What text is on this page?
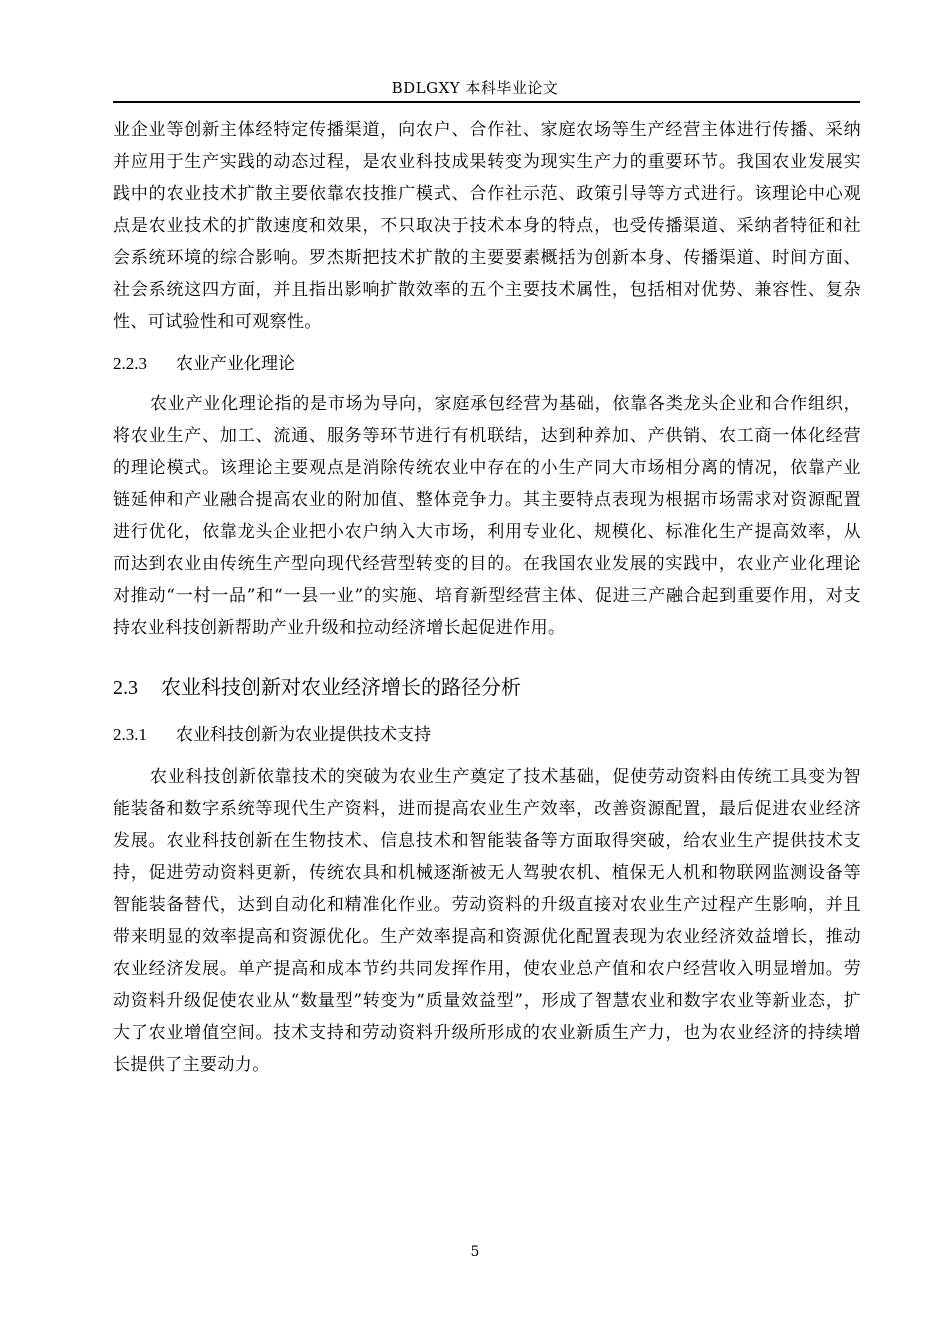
BDLGXY 本科毕业论文

业企业等创新主体经特定传播渠道，向农户、合作社、家庭农场等生产经营主体进行传播、采纳并应用于生产实践的动态过程，是农业科技成果转变为现实生产力的重要环节。我国农业发展实践中的农业技术扩散主要依靠农技推广模式、合作社示范、政策引导等方式进行。该理论中心观点是农业技术的扩散速度和效果，不只取决于技术本身的特点，也受传播渠道、采纳者特征和社会系统环境的综合影响。罗杰斯把技术扩散的主要要素概括为创新本身、传播渠道、时间方面、社会系统这四方面，并且指出影响扩散效率的五个主要技术属性，包括相对优势、兼容性、复杂性、可试验性和可观察性。

2.2.3 农业产业化理论

农业产业化理论指的是市场为导向，家庭承包经营为基础，依靠各类龙头企业和合作组织，将农业生产、加工、流通、服务等环节进行有机联结，达到种养加、产供销、农工商一体化经营的理论模式。该理论主要观点是消除传统农业中存在的小生产同大市场相分离的情况，依靠产业链延伸和产业融合提高农业的附加值、整体竞争力。其主要特点表现为根据市场需求对资源配置进行优化，依靠龙头企业把小农户纳入大市场，利用专业化、规模化、标准化生产提高效率，从而达到农业由传统生产型向现代经营型转变的目的。在我国农业发展的实践中，农业产业化理论对推动“一村一品”和“一县一业”的实施、培育新型经营主体、促进三产融合起到重要作用，对支持农业科技创新帮助产业升级和拉动经济增长起促进作用。

2.3 农业科技创新对农业经济增长的路径分析
2.3.1 农业科技创新为农业提供技术支持

农业科技创新依靠技术的突破为农业生产奠定了技术基础，促使劳动资料由传统工具变为智能装备和数字系统等现代生产资料，进而提高农业生产效率，改善资源配置，最后促进农业经济发展。农业科技创新在生物技术、信息技术和智能装备等方面取得突破，给农业生产提供技术支持，促进劳动资料更新，传统农具和机械逐渐被无人驾驶农机、植保无人机和物联网监测设备等智能装备替代，达到自动化和精准化作业。劳动资料的升级直接对农业生产过程产生影响，并且带来明显的效率提高和资源优化。生产效率提高和资源优化配置表现为农业经济效益增长，推动农业经济发展。单产提高和成本节约共同发挥作用，使农业总产值和农户经营收入明显增加。劳动资料升级促使农业从“数量型”转变为“质量效益型”，形成了智慧农业和数字农业等新业态，扩大了农业增值空间。技术支持和劳动资料升级所形成的农业新质生产力，也为农业经济的持续增长提供了主要动力。

5
